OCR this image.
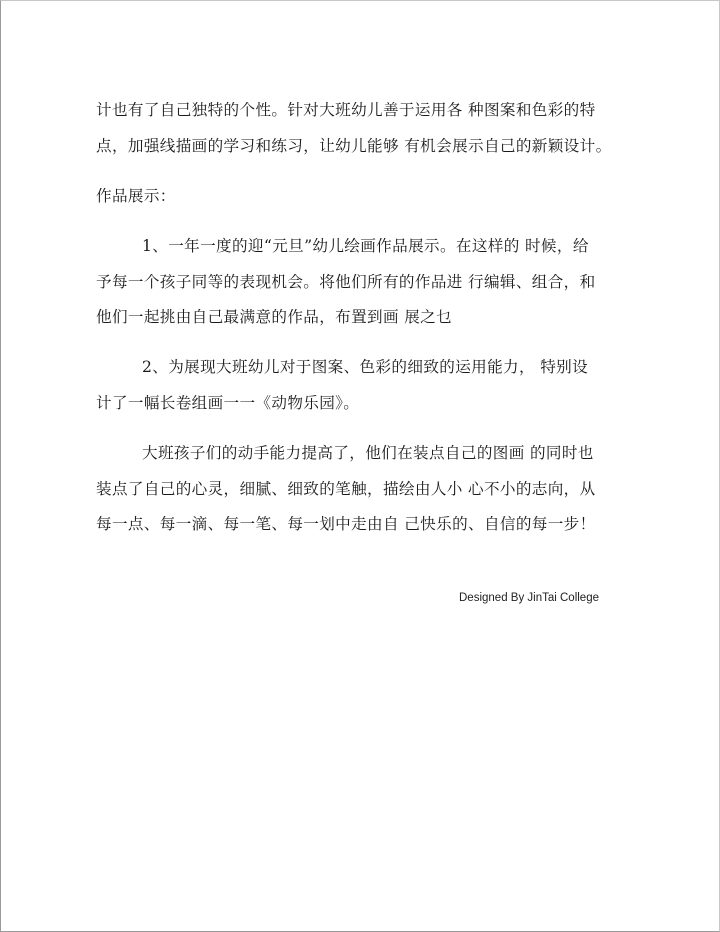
计也有了自己独特的个性。针对大班幼儿善于运用各 种图案和色彩的特
点，加强线描画的学习和练习，让幼儿能够 有机会展示自己的新颖设计。
作品展示：
1、一年一度的迎“元旦”幼儿绘画作品展示。在这样的 时候，给
予每一个孩子同等的表现机会。将他们所有的作品进 行编辑、组合，和
他们一起挑由自己最满意的作品，布置到画 展之乜
2、为展现大班幼儿对于图案、色彩的细致的运用能力， 特别设
计了一幅长卷组画一一《动物乐园》。
大班孩子们的动手能力提高了，他们在装点自己的图画 的同时也
装点了自己的心灵，细腻、细致的笔触，描绘由人小 心不小的志向，从
每一点、每一滴、每一笔、每一划中走由自 己快乐的、自信的每一步！
Designed By JinTai College
